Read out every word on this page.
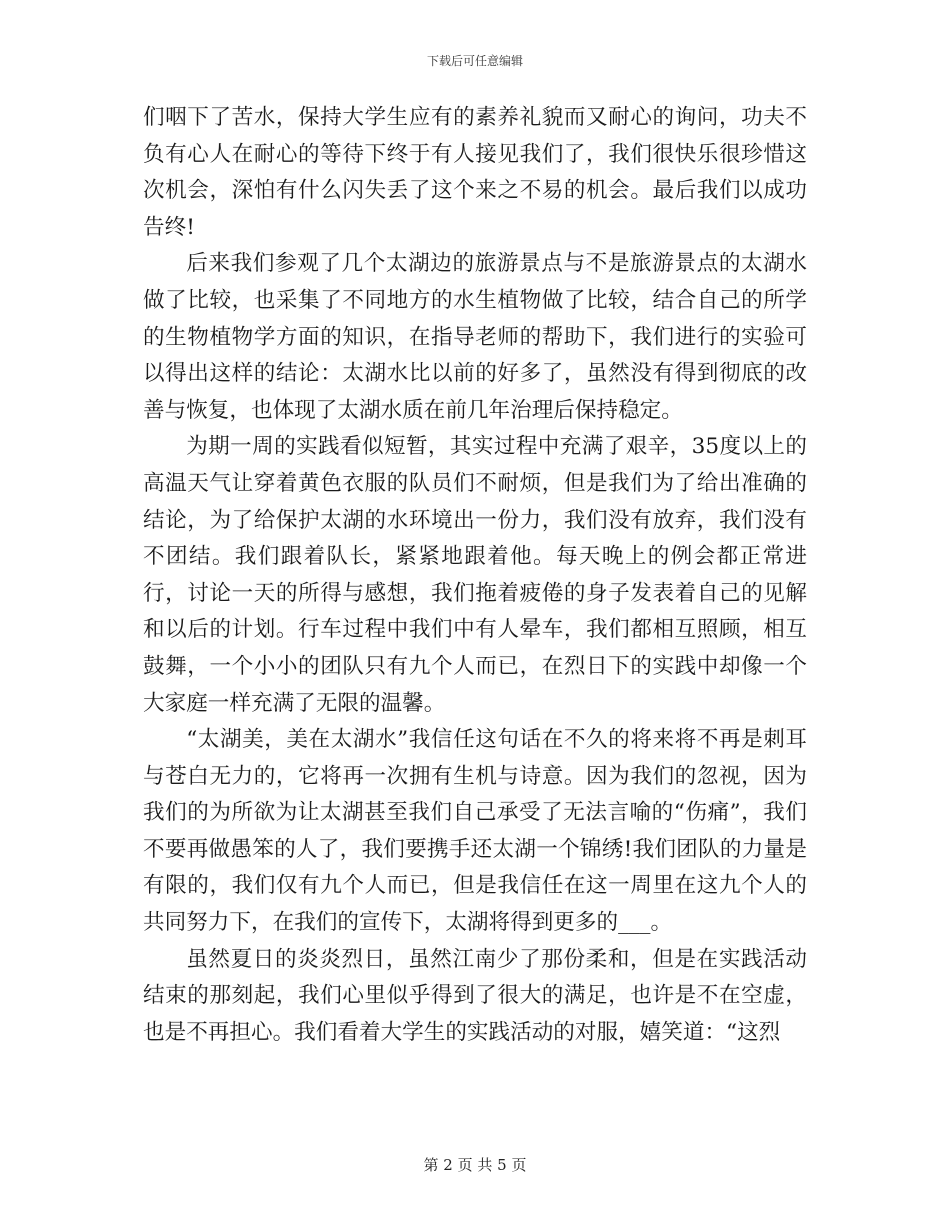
下载后可任意编辑

们咽下了苦水，保持大学生应有的素养礼貌而又耐心的询问，功夫不负有心人在耐心的等待下终于有人接见我们了，我们很快乐很珍惜这次机会，深怕有什么闪失丢了这个来之不易的机会。最后我们以成功告终!

后来我们参观了几个太湖边的旅游景点与不是旅游景点的太湖水做了比较，也采集了不同地方的水生植物做了比较，结合自己的所学的生物植物学方面的知识，在指导老师的帮助下，我们进行的实验可以得出这样的结论：太湖水比以前的好多了，虽然没有得到彻底的改善与恢复，也体现了太湖水质在前几年治理后保持稳定。

为期一周的实践看似短暂，其实过程中充满了艰辛，35度以上的高温天气让穿着黄色衣服的队员们不耐烦，但是我们为了给出准确的结论，为了给保护太湖的水环境出一份力，我们没有放弃，我们没有不团结。我们跟着队长，紧紧地跟着他。每天晚上的例会都正常进行，讨论一天的所得与感想，我们拖着疲倦的身子发表着自己的见解和以后的计划。行车过程中我们中有人晕车，我们都相互照顾，相互鼓舞，一个小小的团队只有九个人而已，在烈日下的实践中却像一个大家庭一样充满了无限的温馨。

“太湖美，美在太湖水”我信任这句话在不久的将来将不再是刺耳与苍白无力的，它将再一次拥有生机与诗意。因为我们的忽视，因为我们的为所欲为让太湖甚至我们自己承受了无法言喻的“伤痛”，我们不要再做愚笨的人了，我们要携手还太湖一个锦绣!我们团队的力量是有限的，我们仅有九个人而已，但是我信任在这一周里在这九个人的共同努力下，在我们的宣传下，太湖将得到更多的___。

虽然夏日的炎炎烈日，虽然江南少了那份柔和，但是在实践活动结束的那刻起，我们心里似乎得到了很大的满足，也许是不在空虚，也是不再担心。我们看着大学生的实践活动的对服，嬉笑道：“这烈

第 2 页 共 5 页
